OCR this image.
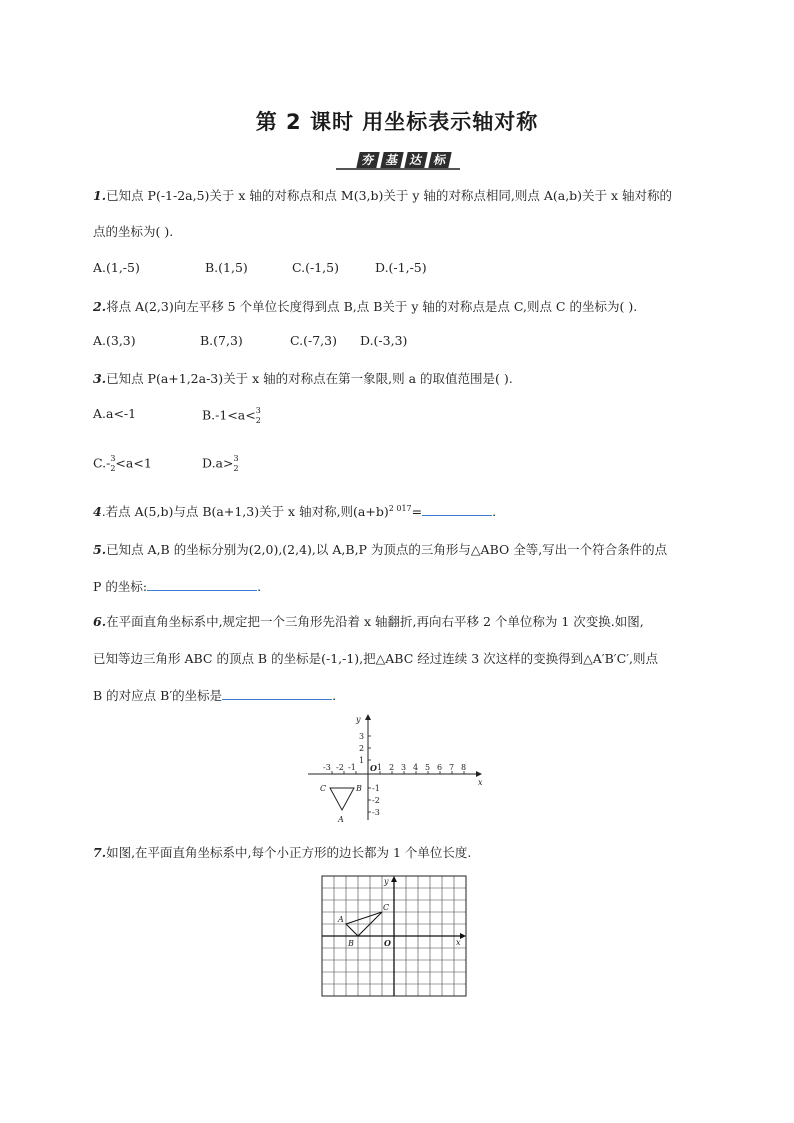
第 2 课时 用坐标表示轴对称
夯 基 达 标
1.已知点 P(-1-2a,5)关于 x 轴的对称点和点 M(3,b)关于 y 轴的对称点相同,则点 A(a,b)关于 x 轴对称的
点的坐标为( ).
A.(1,-5)	B.(1,5)	C.(-1,5)	D.(-1,-5)
2.将点 A(2,3)向左平移 5 个单位长度得到点 B,点 B关于 y 轴的对称点是点 C,则点 C 的坐标为( ).
A.(3,3)	B.(7,3)	C.(-7,3) D.(-3,3)
3.已知点 P(a+1,2a-3)关于 x 轴的对称点在第一象限,则 a 的取值范围是( ).
A.a<-1	B.-1<a< 3
2
C.- 3
2 <a<1	D.a> 3
2
4.若点 A(5,b)与点 B(a+1,3)关于 x 轴对称,则$(a+b)^{2 017}=$	.
5.已知点 A,B 的坐标分别为(2,0),(2,4),以 A,B,P 为顶点的三角形与△ABO 全等,写出一个符合条件的点
P 的坐标:	.
6.在平面直角坐标系中,规定把一个三角形先沿着 x 轴翻折,再向右平移 2 个单位称为 1 次变换.如图,
已知等边三角形 ABC 的顶点 B 的坐标是(-1,-1),把△ABC 经过连续 3 次这样的变换得到△A′B′C′,则点
B 的对应点 B′的坐标是	.
-3 -2 -1	1 2 3 4 5 6 7 8
O
x
y
3
2
1
-1
-2
-3
C	B
A
7.如图,在平面直角坐标系中,每个小正方形的边长都为 1 个单位长度.
x
y
O
A
B
C
